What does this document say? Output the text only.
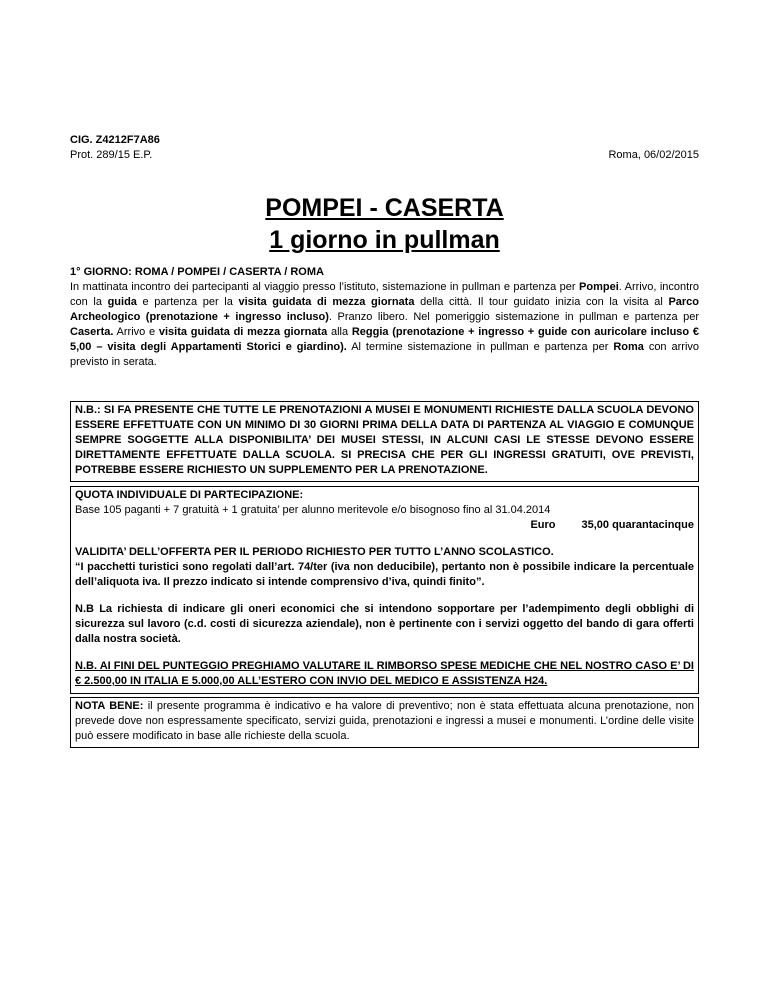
CIG. Z4212F7A86
Prot. 289/15 E.P.	Roma, 06/02/2015
POMPEI - CASERTA
1 giorno in pullman
1° GIORNO: ROMA / POMPEI / CASERTA / ROMA
In mattinata incontro dei partecipanti al viaggio presso l’istituto, sistemazione in pullman e partenza per Pompei. Arrivo, incontro con la guida e partenza per la visita guidata di mezza giornata della città. Il tour guidato inizia con la visita al Parco Archeologico (prenotazione + ingresso incluso). Pranzo libero. Nel pomeriggio sistemazione in pullman e partenza per Caserta. Arrivo e visita guidata di mezza giornata alla Reggia (prenotazione + ingresso + guide con auricolare incluso € 5,00 – visita degli Appartamenti Storici e giardino). Al termine sistemazione in pullman e partenza per Roma con arrivo previsto in serata.
N.B.: SI FA PRESENTE CHE TUTTE LE PRENOTAZIONI A MUSEI E MONUMENTI RICHIESTE DALLA SCUOLA DEVONO ESSERE EFFETTUATE CON UN MINIMO DI 30 GIORNI PRIMA DELLA DATA DI PARTENZA AL VIAGGIO E COMUNQUE SEMPRE SOGGETTE ALLA DISPONIBILITA’ DEI MUSEI STESSI, IN ALCUNI CASI LE STESSE DEVONO ESSERE DIRETTAMENTE EFFETTUATE DALLA SCUOLA. SI PRECISA CHE PER GLI INGRESSI GRATUITI, OVE PREVISTI, POTREBBE ESSERE RICHIESTO UN SUPPLEMENTO PER LA PRENOTAZIONE.
QUOTA INDIVIDUALE DI PARTECIPAZIONE:
Base 105 paganti + 7 gratuità + 1 gratuita’ per alunno meritevole e/o bisognoso fino al 31.04.2014
Euro 35,00 quarantacinque
VALIDITA’ DELL’OFFERTA PER IL PERIODO RICHIESTO PER TUTTO L’ANNO SCOLASTICO.
“I pacchetti turistici sono regolati dall’art. 74/ter (iva non deducibile), pertanto non è possibile indicare la percentuale dell’aliquota iva. Il prezzo indicato si intende comprensivo d’iva, quindi finito”.
N.B La richiesta di indicare gli oneri economici che si intendono sopportare per l’adempimento degli obblighi di sicurezza sul lavoro (c.d. costi di sicurezza aziendale), non è pertinente con i servizi oggetto del bando di gara offerti dalla nostra società.
N.B. AI FINI DEL PUNTEGGIO PREGHIAMO VALUTARE IL RIMBORSO SPESE MEDICHE CHE NEL NOSTRO CASO E’ DI € 2.500,00 IN ITALIA E 5.000,00 ALL’ESTERO CON INVIO DEL MEDICO E ASSISTENZA H24.
NOTA BENE: il presente programma è indicativo e ha valore di preventivo; non è stata effettuata alcuna prenotazione, non prevede dove non espressamente specificato, servizi guida, prenotazioni e ingressi a musei e monumenti. L’ordine delle visite può essere modificato in base alle richieste della scuola.
